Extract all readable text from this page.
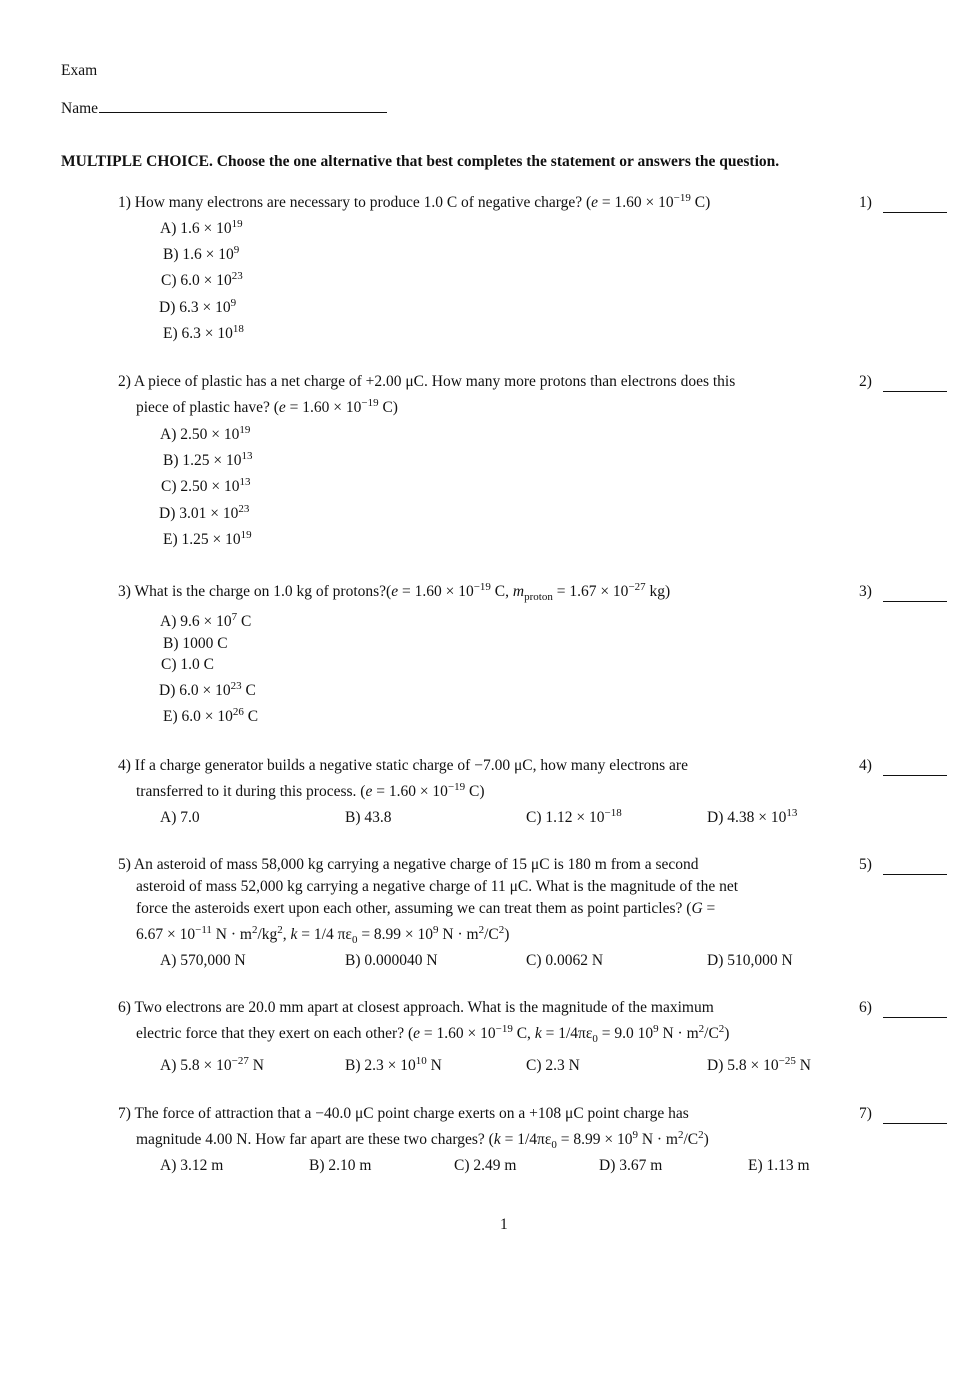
Exam
Name
MULTIPLE CHOICE. Choose the one alternative that best completes the statement or answers the question.
1) How many electrons are necessary to produce 1.0 C of negative charge? ($e = 1.60 \times 10^{-19}$ C)	1)
A) $1.6 \times 10^{19}$
B) $1.6 \times 10^9$
C) $6.0 \times 10^{23}$
D) $6.3 \times 10^9$
E) $6.3 \times 10^{18}$
2) A piece of plastic has a net charge of +2.00 μC. How many more protons than electrons does this
piece of plastic have? ($e = 1.60 \times 10^{-19}$ C)
2)
A) $2.50 \times 10^{19}$
B) $1.25 \times 10^{13}$
C) $2.50 \times 10^{13}$
D) $3.01 \times 10^{23}$
E) $1.25 \times 10^{19}$
3) What is the charge on 1.0 kg of protons?(e = $1.60 \times 10^{-19}$ C, $m_{proton} = 1.67 \times 10^{-27}$ kg)	3)
A) $9.6 \times 10^7$ C
B) 1000 C
C) 1.0 C
D) $6.0 \times 10^{23}$ C
E) $6.0 \times 10^{26}$ C
4) If a charge generator builds a negative static charge of −7.00 μC, how many electrons are
transferred to it during this process. ($e = 1.60 \times 10^{-19}$ C)
4)
A) 7.0	B) 43.8	C) $1.12 \times 10^{-18}$	D) $4.38 \times 10^{13}$
5) An asteroid of mass 58,000 kg carrying a negative charge of 15 μC is 180 m from a second
asteroid of mass 52,000 kg carrying a negative charge of 11 μC. What is the magnitude of the net
force the asteroids exert upon each other, assuming we can treat them as point particles? (G =
$6.67 \times 10^{-11}$ $N \cdot m^2/kg^2$, k = 1/4 $\pi\varepsilon_0 = 8.99 \times 10^9$ $N \cdot m^2/C^2$)
5)
A) 570,000 N	B) 0.000040 N	C) 0.0062 N	D) 510,000 N
6) Two electrons are 20.0 mm apart at closest approach. What is the magnitude of the maximum
electric force that they exert on each other? ($e = 1.60 \times 10^{-19}$ C, $k = 1/4\pi\varepsilon_0 = 9.0$ $10^9$ $N \cdot m^2/C^2$)
6)
A) $5.8 \times 10^{-27}$ N	B) $2.3 \times 10^{10}$ N	C) 2.3 N	D) $5.8 \times 10^{-25}$ N
7) The force of attraction that a −40.0 μC point charge exerts on a +108 μC point charge has
magnitude 4.00 N. How far apart are these two charges? ($k = 1/4\pi\varepsilon_0 = 8.99 \times 10^9$ $N \cdot m^2/C^2$)
7)
A) 3.12 m	B) 2.10 m	C) 2.49 m	D) 3.67 m	E) 1.13 m
1
